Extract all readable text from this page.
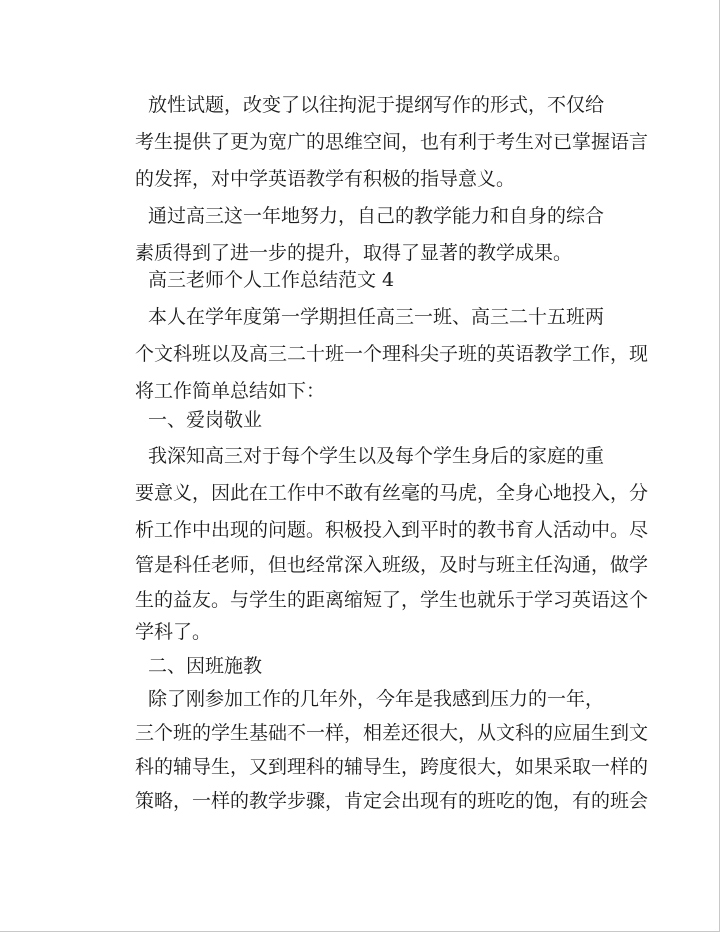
放性试题，改变了以往拘泥于提纲写作的形式，不仅给
考生提供了更为宽广的思维空间，也有利于考生对已掌握语言
的发挥，对中学英语教学有积极的指导意义。
通过高三这一年地努力，自己的教学能力和自身的综合
素质得到了进一步的提升，取得了显著的教学成果。
高三老师个人工作总结范文 4
本人在学年度第一学期担任高三一班、高三二十五班两
个文科班以及高三二十班一个理科尖子班的英语教学工作，现
将工作简单总结如下：
一、爱岗敬业
我深知高三对于每个学生以及每个学生身后的家庭的重
要意义，因此在工作中不敢有丝毫的马虎，全身心地投入，分
析工作中出现的问题。积极投入到平时的教书育人活动中。尽
管是科任老师，但也经常深入班级，及时与班主任沟通，做学
生的益友。与学生的距离缩短了，学生也就乐于学习英语这个
学科了。
二、因班施教
除了刚参加工作的几年外，今年是我感到压力的一年，
三个班的学生基础不一样，相差还很大，从文科的应届生到文
科的辅导生，又到理科的辅导生，跨度很大，如果采取一样的
策略，一样的教学步骤，肯定会出现有的班吃的饱，有的班会
